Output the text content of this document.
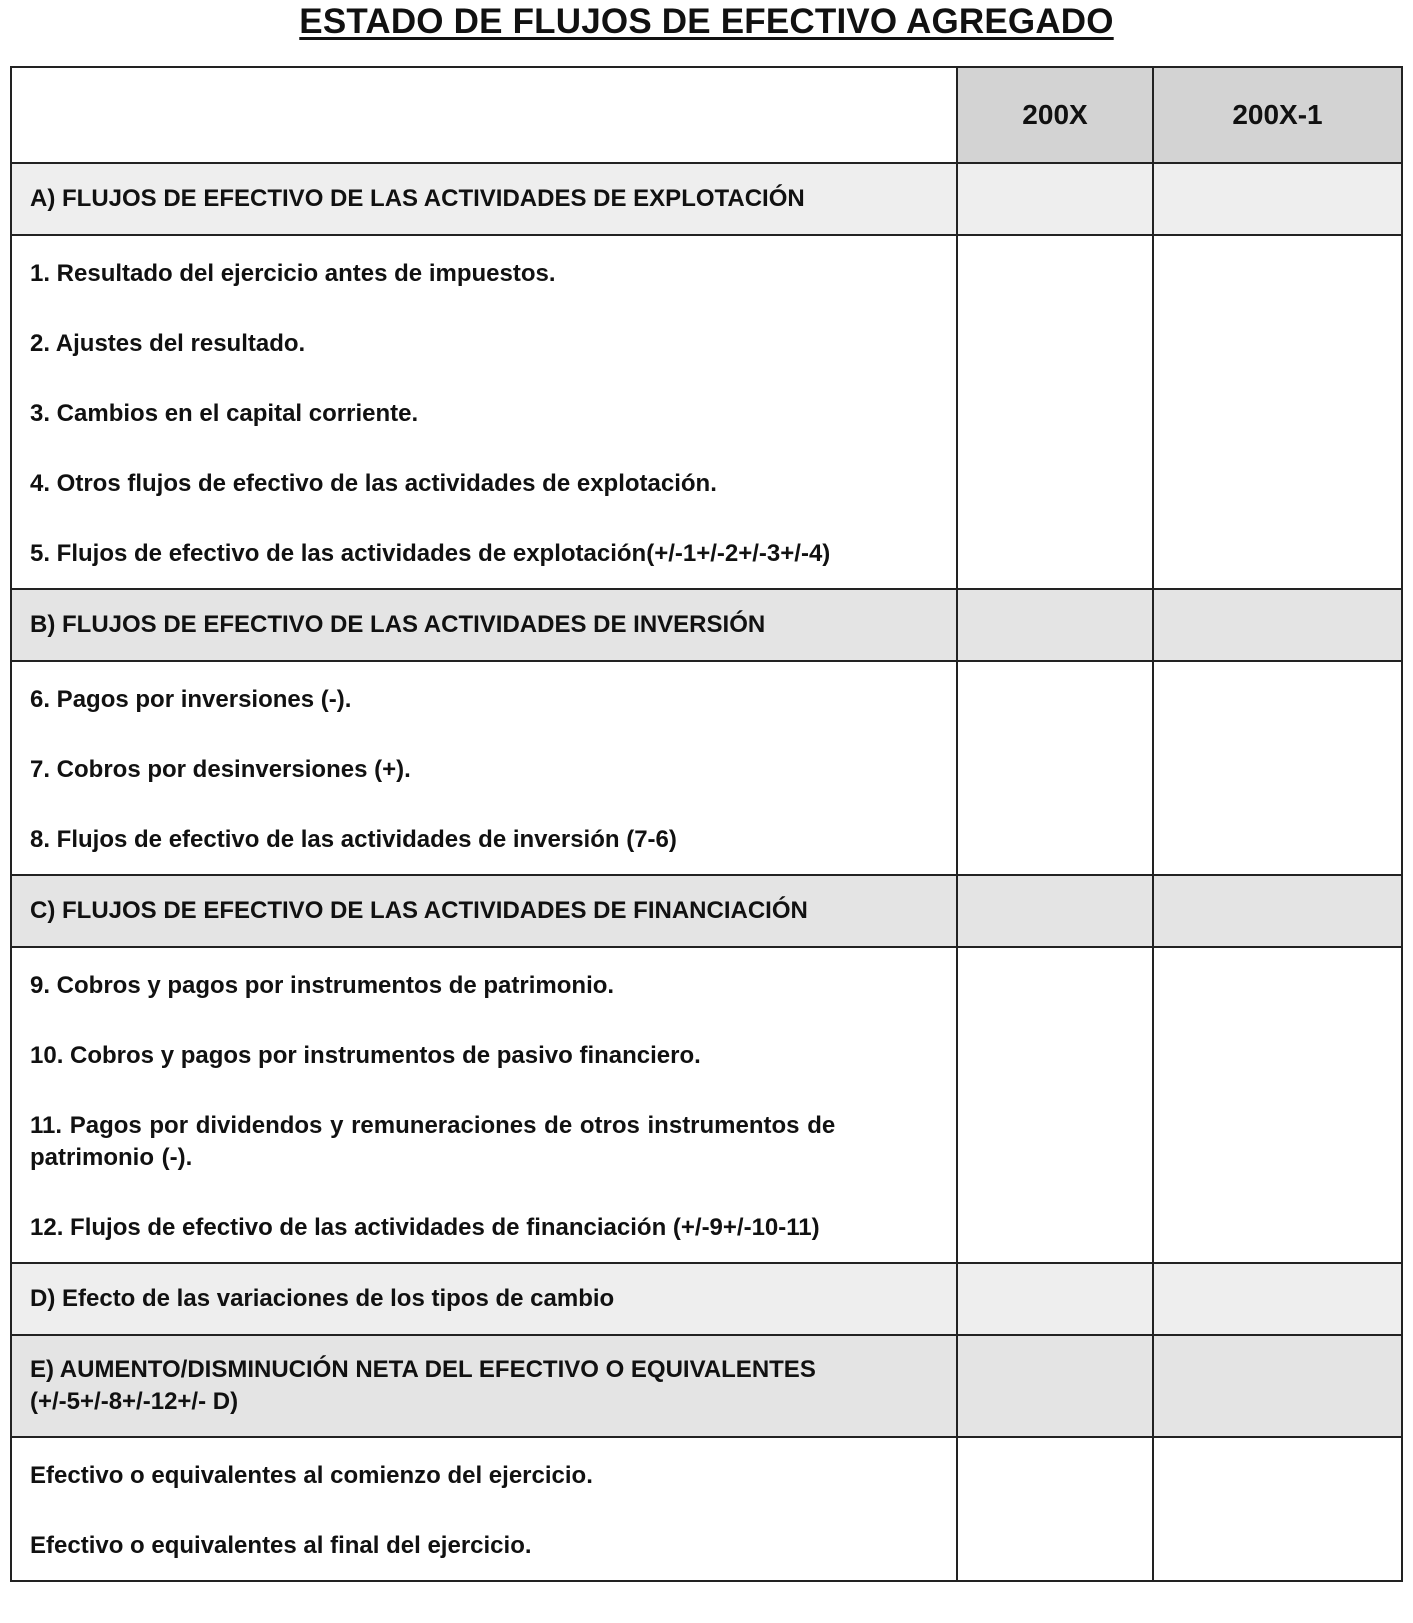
ESTADO DE FLUJOS DE EFECTIVO AGREGADO
	200X	200X-1
A) FLUJOS DE EFECTIVO DE LAS ACTIVIDADES DE EXPLOTACIÓN		

1. Resultado del ejercicio antes de impuestos.
2. Ajustes del resultado.
3. Cambios en el capital corriente.
4. Otros flujos de efectivo de las actividades de explotación.
5. Flujos de efectivo de las actividades de explotación(+/-1+/-2+/-3+/-4)		

B) FLUJOS DE EFECTIVO DE LAS ACTIVIDADES DE INVERSIÓN		

6. Pagos por inversiones (-).
7. Cobros por desinversiones (+).
8. Flujos de efectivo de las actividades de inversión (7-6)		

C) FLUJOS DE EFECTIVO DE LAS ACTIVIDADES DE FINANCIACIÓN		

9. Cobros y pagos por instrumentos de patrimonio.
10. Cobros y pagos por instrumentos de pasivo financiero.
11. Pagos por dividendos y remuneraciones de otros instrumentos de patrimonio (-).
12. Flujos de efectivo de las actividades de financiación (+/-9+/-10-11)		

D) Efecto de las variaciones de los tipos de cambio		
E) AUMENTO/DISMINUCIÓN NETA DEL EFECTIVO O EQUIVALENTES (+/-5+/-8+/-12+/- D)		

Efectivo o equivalentes al comienzo del ejercicio.
Efectivo o equivalentes al final del ejercicio.		
